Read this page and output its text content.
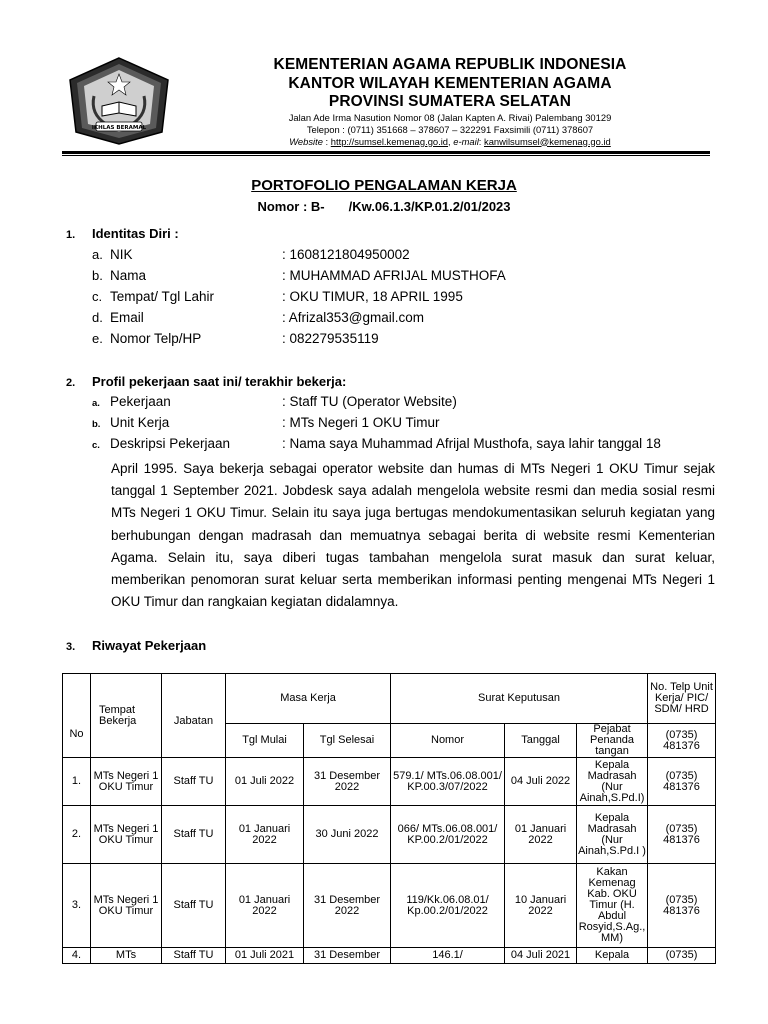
IKHLAS BERAMAL
KEMENTERIAN AGAMA REPUBLIK INDONESIA
KANTOR WILAYAH KEMENTERIAN AGAMA
PROVINSI SUMATERA SELATAN
Jalan Ade Irma Nasution Nomor 08 (Jalan Kapten A. Rivai) Palembang 30129
Telepon : (0711) 351668 – 378607 – 322291 Faxsimili (0711) 378607
Website : http://sumsel.kemenag.go.id, e-mail: kanwilsumsel@kemenag.go.id
PORTOFOLIO PENGALAMAN KERJA
Nomor : B- /Kw.06.1.3/KP.01.2/01/2023
1. Identitas Diri :
a. NIK	: 1608121804950002
b. Nama	: MUHAMMAD AFRIJAL MUSTHOFA
c. Tempat/ Tgl Lahir	: OKU TIMUR, 18 APRIL 1995
d. Email	: Afrizal353@gmail.com
e. Nomor Telp/HP	: 082279535119
2. Profil pekerjaan saat ini/ terakhir bekerja:
a. Pekerjaan	: Staff TU (Operator Website)
b. Unit Kerja	: MTs Negeri 1 OKU Timur
c. Deskripsi Pekerjaan	: Nama saya Muhammad Afrijal Musthofa, saya lahir tanggal 18
April 1995. Saya bekerja sebagai operator website dan humas di MTs Negeri 1 OKU Timur sejak tanggal 1 September 2021. Jobdesk saya adalah mengelola website resmi dan media sosial resmi MTs Negeri 1 OKU Timur. Selain itu saya juga bertugas mendokumentasikan seluruh kegiatan yang berhubungan dengan madrasah dan memuatnya sebagai berita di website resmi Kementerian Agama. Selain itu, saya diberi tugas tambahan mengelola surat masuk dan surat keluar, memberikan penomoran surat keluar serta memberikan informasi penting mengenai MTs Negeri 1 OKU Timur dan rangkaian kegiatan didalamnya.
3. Riwayat Pekerjaan
No	Tempat Bekerja	Jabatan	Masa Kerja		Surat Keputusan			No. Telp Unit Kerja/ PIC/ SDM/ HRD
			Tgl Mulai	Tgl Selesai	Nomor	Tanggal	Pejabat Penanda tangan	(0735) 481376
1.	MTs Negeri 1 OKU Timur	Staff TU	01 Juli 2022	31 Desember 2022	579.1/ MTs.06.08.001/ KP.00.3/07/2022	04 Juli 2022	Kepala Madrasah (Nur Ainah,S.Pd.I)	(0735) 481376
2.	MTs Negeri 1 OKU Timur	Staff TU	01 Januari 2022	30 Juni 2022	066/ MTs.06.08.001/ KP.00.2/01/2022	01 Januari 2022	Kepala Madrasah (Nur Ainah,S.Pd.I )	(0735) 481376
3.	MTs Negeri 1 OKU Timur	Staff TU	01 Januari 2022	31 Desember 2022	119/Kk.06.08.01/ Kp.00.2/01/2022	10 Januari 2022	Kakan Kemenag Kab. OKU Timur (H. Abdul Rosyid,S.Ag., MM)	(0735) 481376
4.	MTs	Staff TU	01 Juli 2021	31 Desember	146.1/	04 Juli 2021	Kepala	(0735)
